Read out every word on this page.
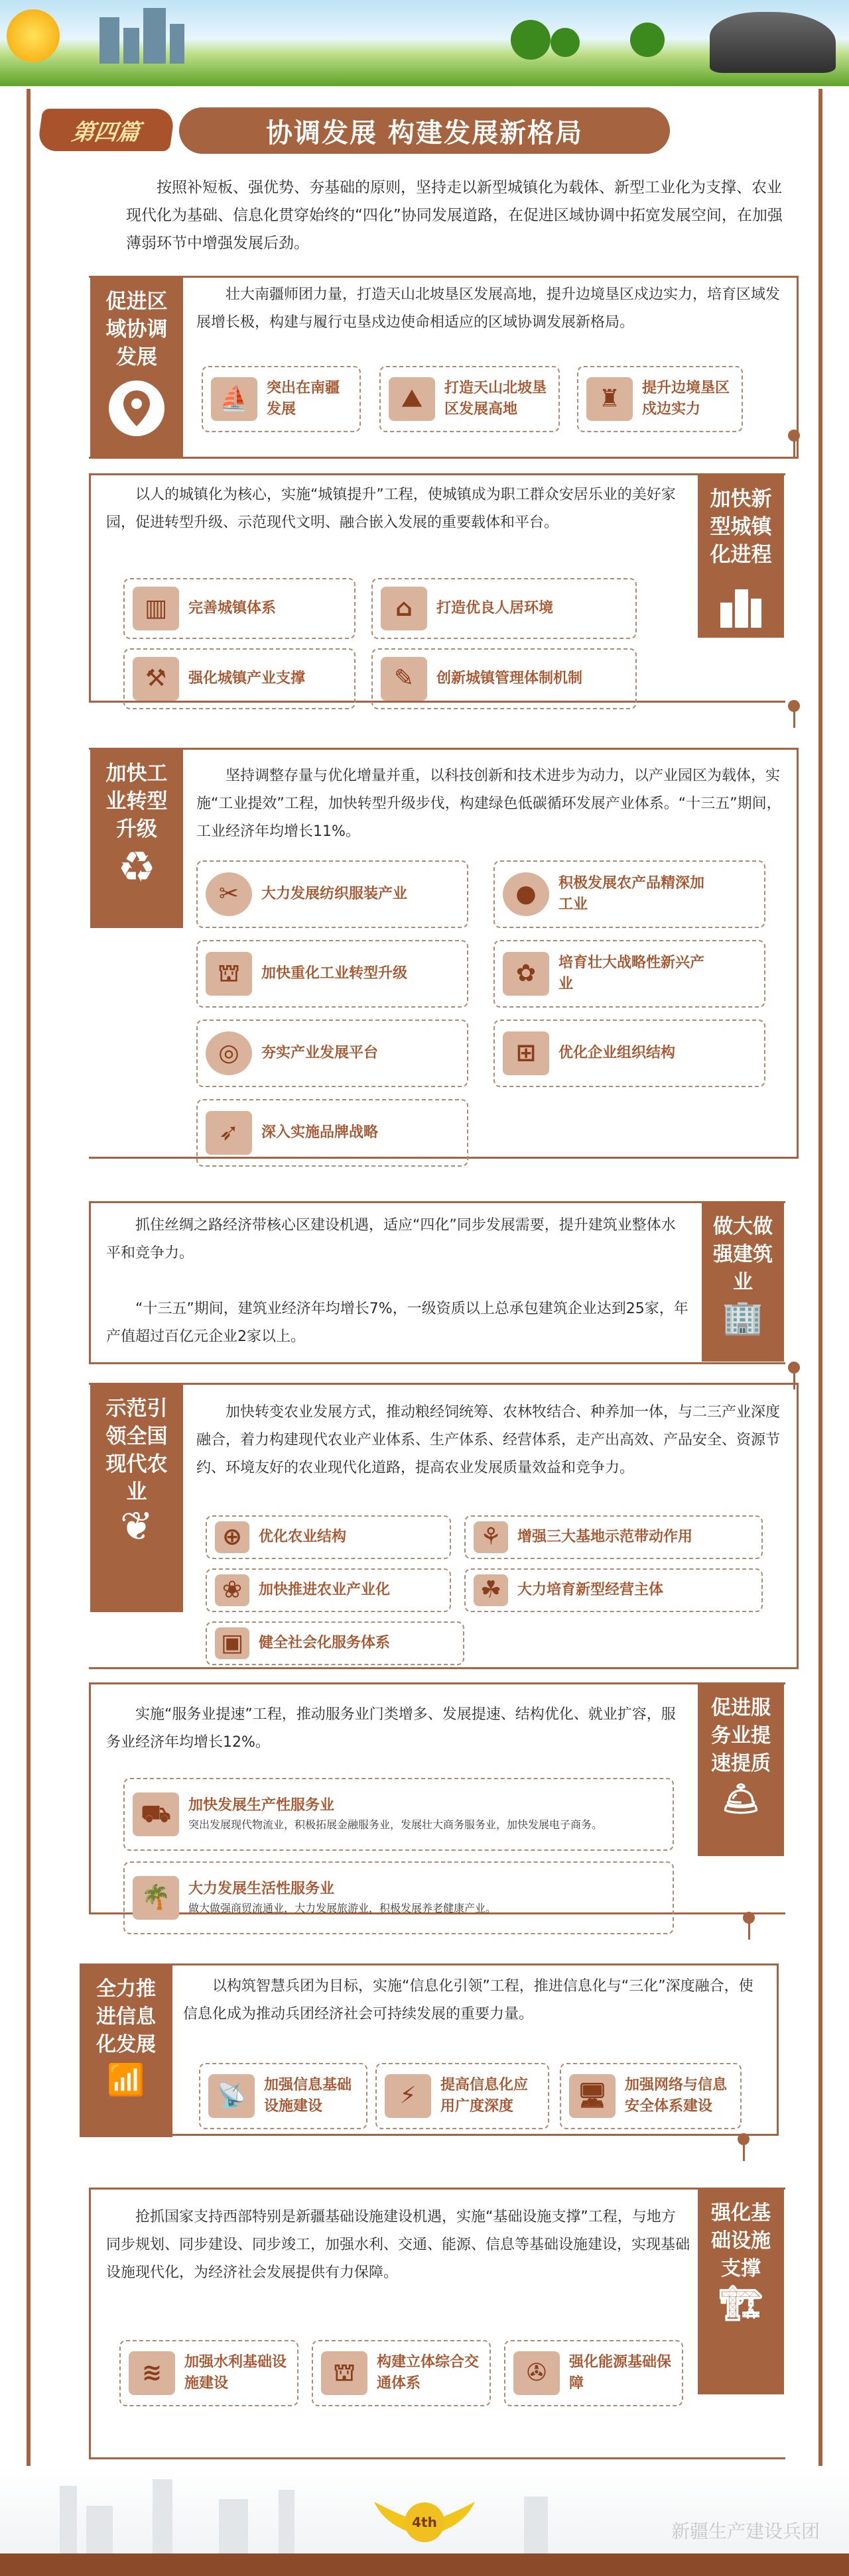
第四篇	协调发展 构建发展新格局
按照补短板、强优势、夯基础的原则，坚持走以新型城镇化为载体、新型工业化为支撑、农业现代化为基础、信息化贯穿始终的“四化”协同发展道路，在促进区域协调中拓宽发展空间，在加强薄弱环节中增强发展后劲。
促进区域协调发展
壮大南疆师团力量，打造天山北坡垦区发展高地，提升边境垦区戍边实力，培育区域发展增长极，构建与履行屯垦戍边使命相适应的区域协调发展新格局。
⛵	突出在南疆发展	⛰	打造天山北坡垦区发展高地	♜	提升边境垦区戍边实力
加快新型城镇化进程
以人的城镇化为核心，实施“城镇提升”工程，使城镇成为职工群众安居乐业的美好家园，促进转型升级、示范现代文明、融合嵌入发展的重要载体和平台。
▥	完善城镇体系	⌂	打造优良人居环境
⚒	强化城镇产业支撑	✎	创新城镇管理体制机制
加快工业转型升级
♻
坚持调整存量与优化增量并重，以科技创新和技术进步为动力，以产业园区为载体，实施“工业提效”工程，加快转型升级步伐，构建绿色低碳循环发展产业体系。“十三五”期间，工业经济年均增长11%。
✂	大力发展纺织服装产业	●	积极发展农产品精深加工业
⛫	加快重化工业转型升级	✿	培育壮大战略性新兴产业
◎	夯实产业发展平台	⊞	优化企业组织结构
➶	深入实施品牌战略
做大做强建筑业
🏢
抓住丝绸之路经济带核心区建设机遇，适应“四化”同步发展需要，提升建筑业整体水平和竞争力。
“十三五”期间，建筑业经济年均增长7%，一级资质以上总承包建筑企业达到25家，年产值超过百亿元企业2家以上。
示范引领全国现代农业
❦
加快转变农业发展方式，推动粮经饲统筹、农林牧结合、种养加一体，与二三产业深度融合，着力构建现代农业产业体系、生产体系、经营体系，走产出高效、产品安全、资源节约、环境友好的农业现代化道路，提高农业发展质量效益和竞争力。
⊕	优化农业结构	⚘	增强三大基地示范带动作用
❀	加快推进农业产业化	☘	大力培育新型经营主体
▣	健全社会化服务体系
促进服务业提速提质
🛎
实施“服务业提速”工程，推动服务业门类增多、发展提速、结构优化、就业扩容，服务业经济年均增长12%。
⛟	加快发展生产性服务业
突出发展现代物流业，积极拓展金融服务业，发展壮大商务服务业，加快发展电子商务。
🌴	大力发展生活性服务业
做大做强商贸流通业，大力发展旅游业，积极发展养老健康产业。
全力推进信息化发展
📶
以构筑智慧兵团为目标，实施“信息化引领”工程，推进信息化与“三化”深度融合，使信息化成为推动兵团经济社会可持续发展的重要力量。
📡	加强信息基础设施建设	⚡	提高信息化应用广度深度	🖥	加强网络与信息安全体系建设
强化基础设施支撑
🏗
抢抓国家支持西部特别是新疆基础设施建设机遇，实施“基础设施支撑”工程，与地方同步规划、同步建设、同步竣工，加强水利、交通、能源、信息等基础设施建设，实现基础设施现代化，为经济社会发展提供有力保障。
≋	加强水利基础设施建设	⛫	构建立体综合交通体系	✇	强化能源基础保障
4th	新疆生产建设兵团
